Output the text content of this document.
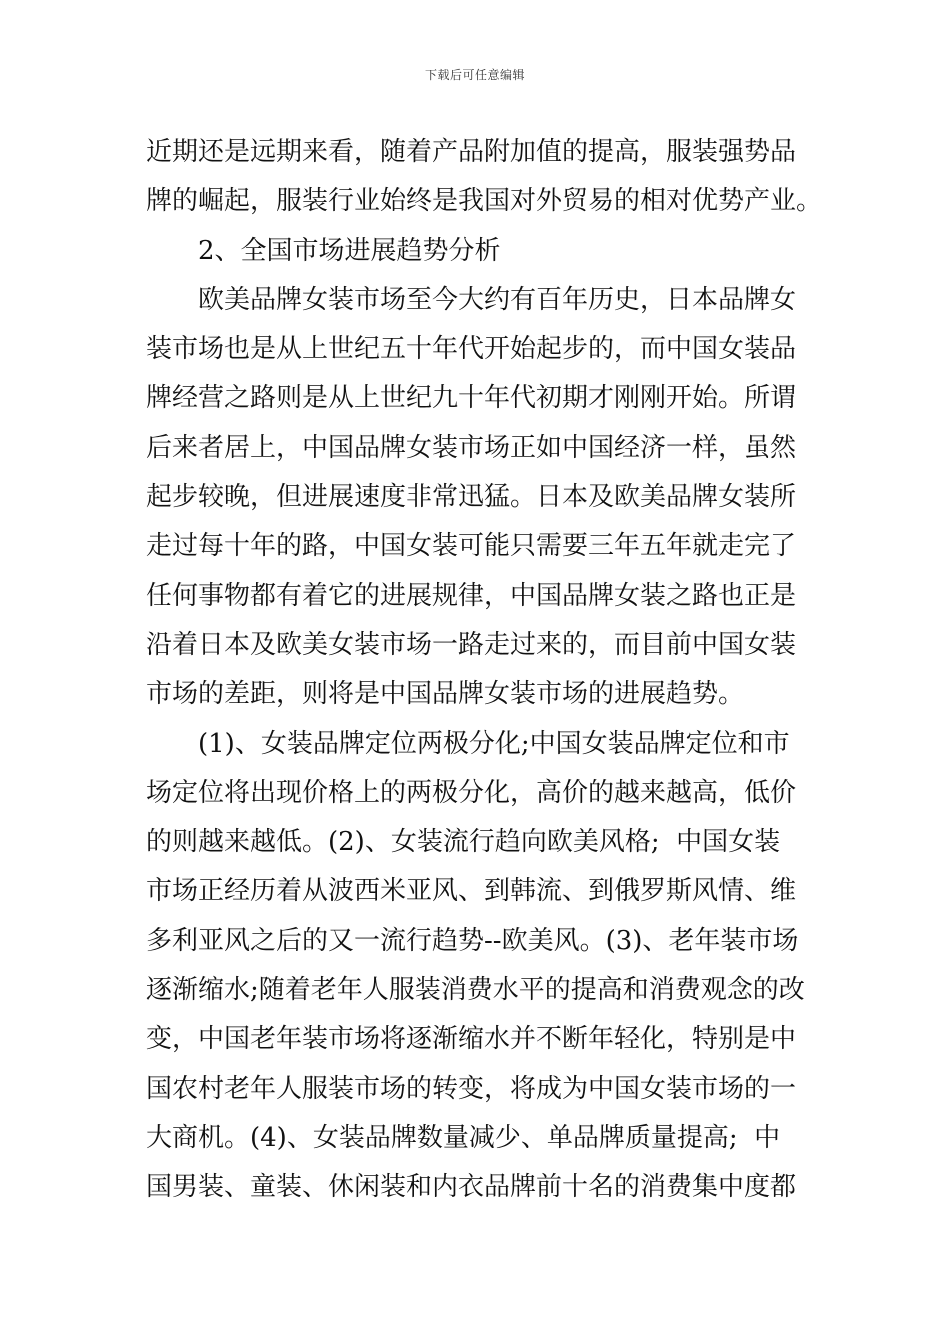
下载后可任意编辑
近期还是远期来看，随着产品附加值的提高，服装强势品
牌的崛起，服装行业始终是我国对外贸易的相对优势产业。
2、全国市场进展趋势分析
欧美品牌女装市场至今大约有百年历史，日本品牌女
装市场也是从上世纪五十年代开始起步的，而中国女装品
牌经营之路则是从上世纪九十年代初期才刚刚开始。所谓
后来者居上，中国品牌女装市场正如中国经济一样，虽然
起步较晚，但进展速度非常迅猛。日本及欧美品牌女装所
走过每十年的路，中国女装可能只需要三年五年就走完了
任何事物都有着它的进展规律，中国品牌女装之路也正是
沿着日本及欧美女装市场一路走过来的，而目前中国女装
市场的差距，则将是中国品牌女装市场的进展趋势。
(1)、女装品牌定位两极分化;中国女装品牌定位和市
场定位将出现价格上的两极分化，高价的越来越高，低价
的则越来越低。(2)、女装流行趋向欧美风格;  中国女装
市场正经历着从波西米亚风、到韩流、到俄罗斯风情、维
多利亚风之后的又一流行趋势--欧美风。(3)、老年装市场
逐渐缩水;随着老年人服装消费水平的提高和消费观念的改
变，中国老年装市场将逐渐缩水并不断年轻化，特别是中
国农村老年人服装市场的转变，将成为中国女装市场的一
大商机。(4)、女装品牌数量减少、单品牌质量提高;  中
国男装、童装、休闲装和内衣品牌前十名的消费集中度都
